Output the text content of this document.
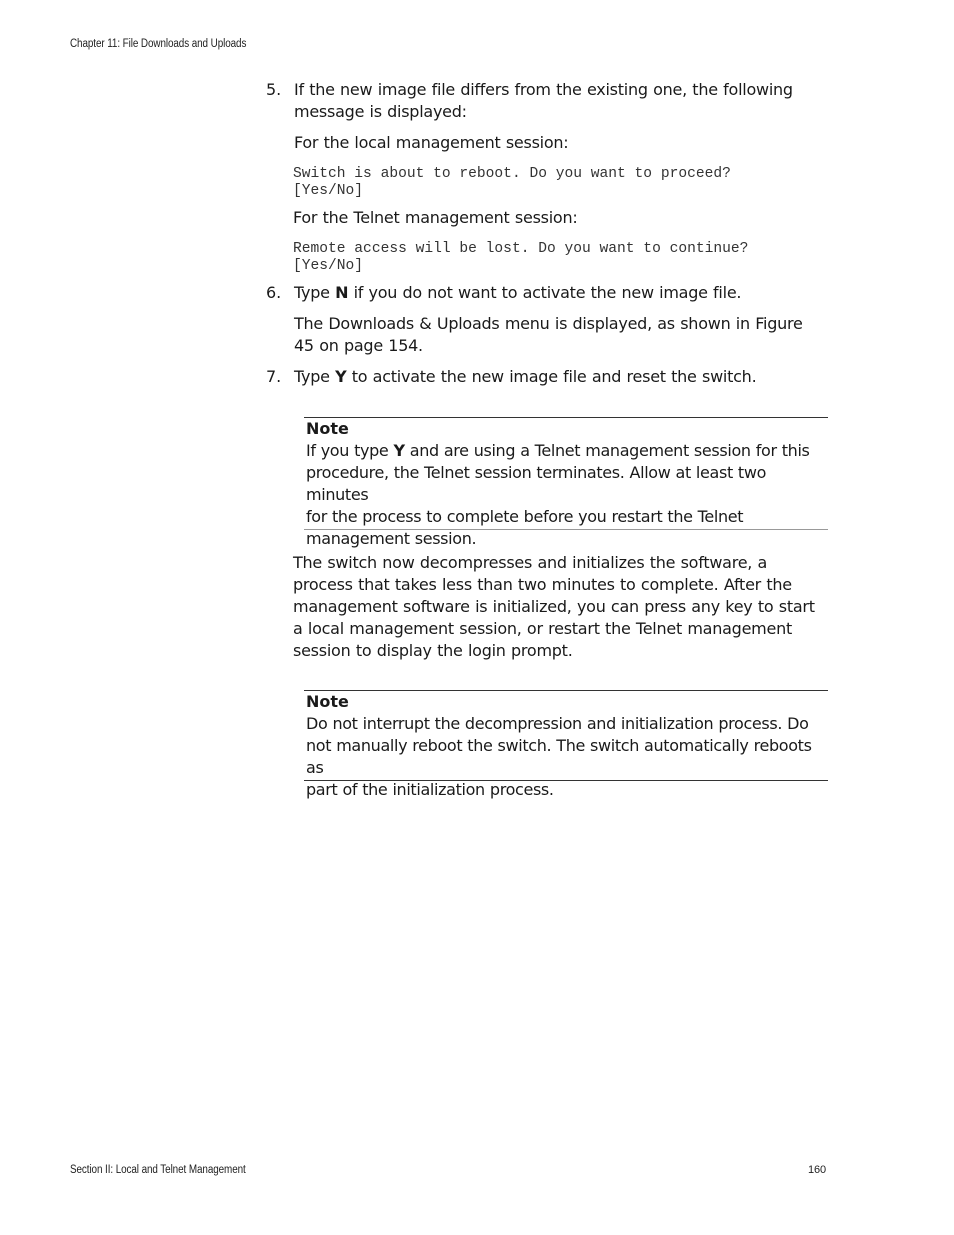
Chapter 11: File Downloads and Uploads
5. If the new image file differs from the existing one, the following
message is displayed:
For the local management session:
Switch is about to reboot. Do you want to proceed?
[Yes/No]
For the Telnet management session:
Remote access will be lost. Do you want to continue?
[Yes/No]
6. Type N if you do not want to activate the new image file.
The Downloads & Uploads menu is displayed, as shown in Figure
45 on page 154.
7. Type Y to activate the new image file and reset the switch.
Note
If you type Y and are using a Telnet management session for this
procedure, the Telnet session terminates. Allow at least two minutes
for the process to complete before you restart the Telnet
management session.
The switch now decompresses and initializes the software, a
process that takes less than two minutes to complete. After the
management software is initialized, you can press any key to start
a local management session, or restart the Telnet management
session to display the login prompt.
Note
Do not interrupt the decompression and initialization process. Do
not manually reboot the switch. The switch automatically reboots as
part of the initialization process.
Section II: Local and Telnet Management	160
